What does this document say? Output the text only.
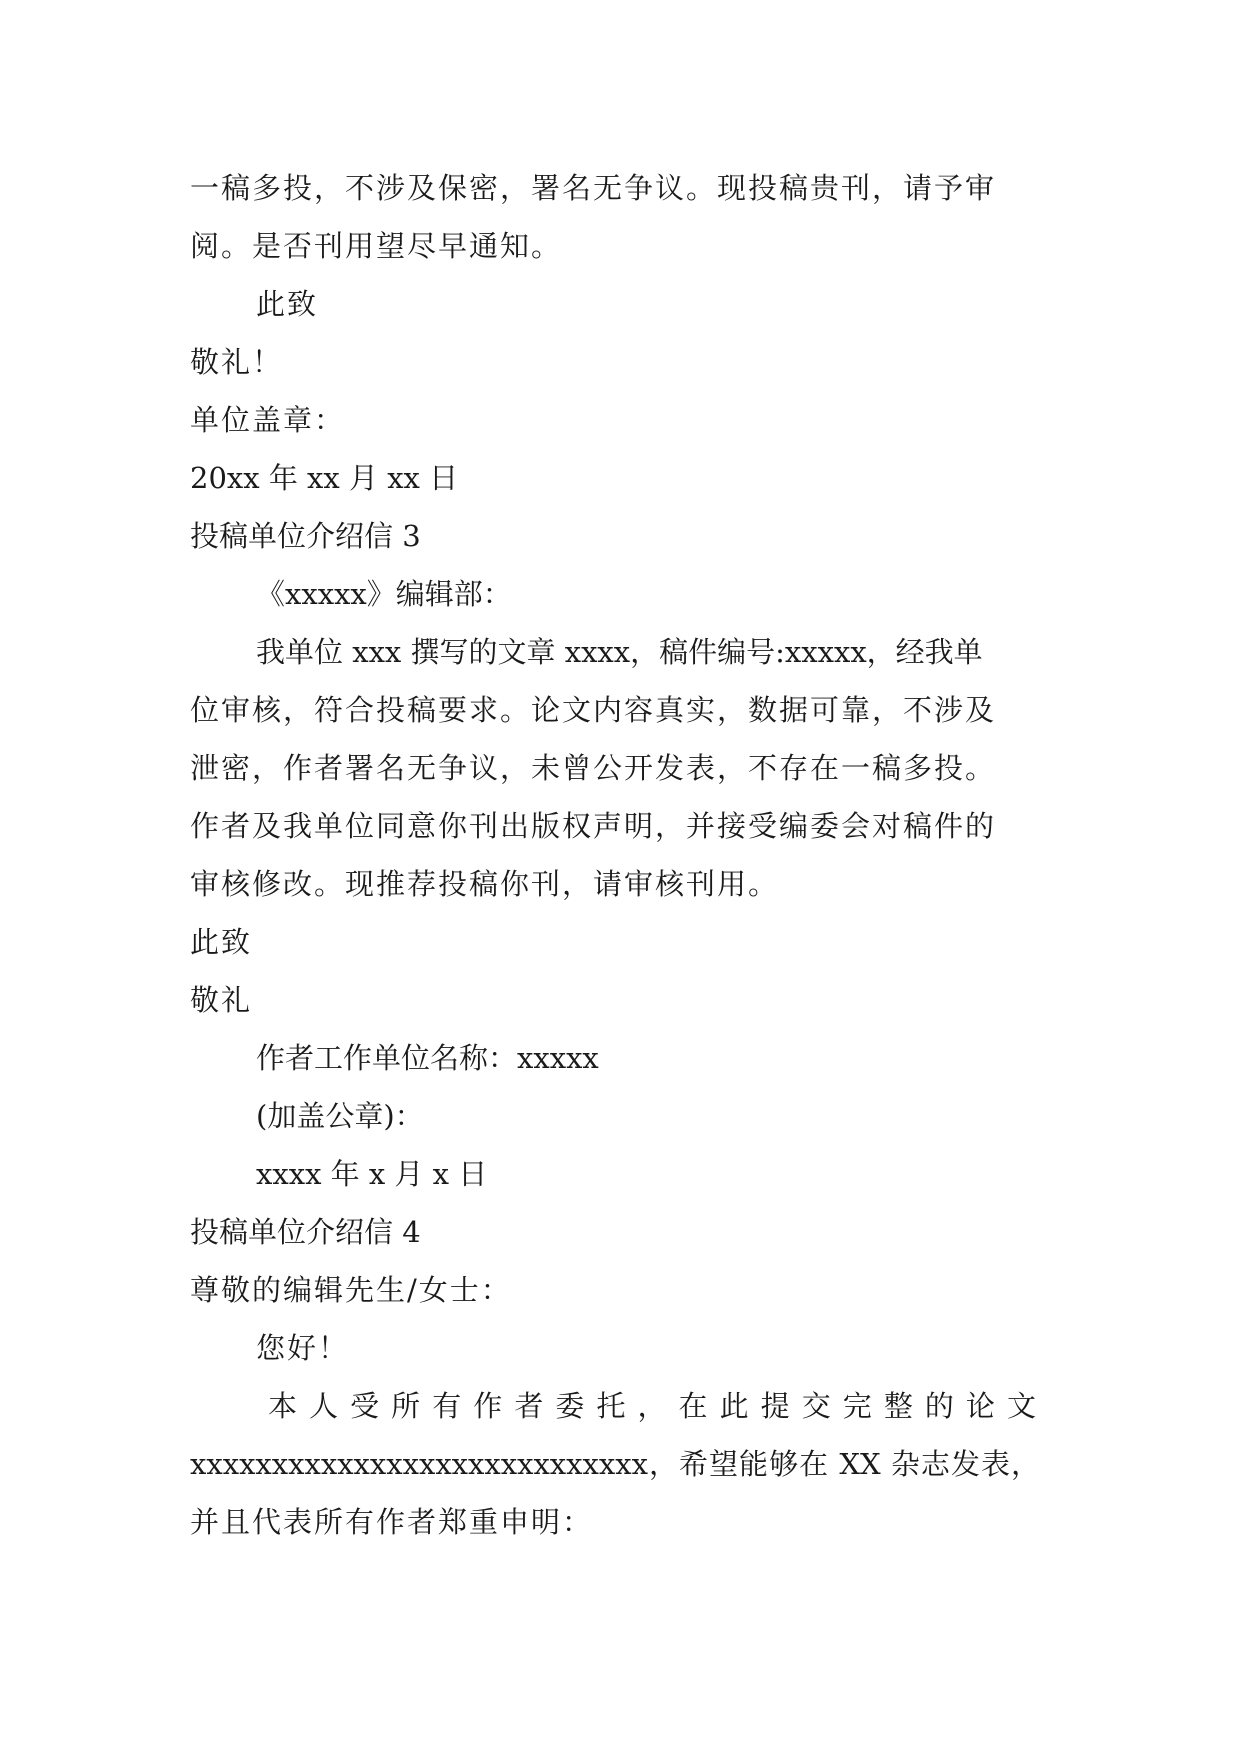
一稿多投，不涉及保密，署名无争议。现投稿贵刊，请予审

阅。是否刊用望尽早通知。

此致

敬礼！

单位盖章：

20xx 年 xx 月 xx 日

投稿单位介绍信 3

《xxxxx》编辑部：

我单位 xxx 撰写的文章 xxxx，稿件编号:xxxxx，经我单

位审核，符合投稿要求。论文内容真实，数据可靠，不涉及

泄密，作者署名无争议，未曾公开发表，不存在一稿多投。

作者及我单位同意你刊出版权声明，并接受编委会对稿件的

审核修改。现推荐投稿你刊，请审核刊用。

此致

敬礼

作者工作单位名称：xxxxx

(加盖公章)：

xxxx 年 x 月 x 日

投稿单位介绍信 4

尊敬的编辑先生/女士：

您好！

本人受所有作者委托，在此提交完整的论文

xxxxxxxxxxxxxxxxxxxxxxxxxxxx，希望能够在 XX 杂志发表，

并且代表所有作者郑重申明：
